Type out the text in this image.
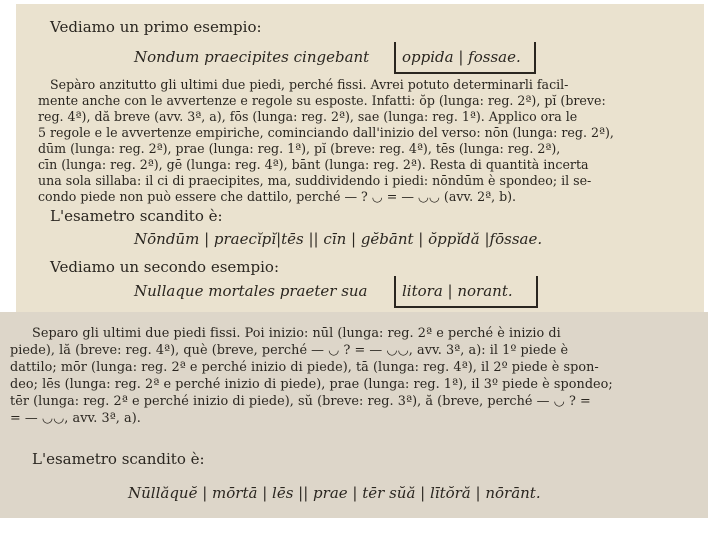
Vediamo un primo esempio:
Nondum praecipites cingebant oppida | fossae.
Sepàro anzitutto gli ultimi due piedi, perché fissi. Avrei potuto determinarli facil-
mente anche con le avvertenze e regole su esposte. Infatti: ŏp (lunga: reg. 2ª), pĭ (breve:
reg. 4ª), dă breve (avv. 3ª, a), fōs (lunga: reg. 2ª), sae (lunga: reg. 1ª). Applico ora le
5 regole e le avvertenze empiriche, cominciando dall'inizio del verso: nōn (lunga: reg. 2ª),
dūm (lunga: reg. 2ª), prae (lunga: reg. 1ª), pĭ (breve: reg. 4ª), tēs (lunga: reg. 2ª),
cīn (lunga: reg. 2ª), gē (lunga: reg. 4ª), bānt (lunga: reg. 2ª). Resta di quantità incerta
una sola sillaba: il ci di praecipites, ma, suddividendo i piedi: nōndūm è spondeo; il se-
condo piede non può essere che dattilo, perché — ? ◡ = — ◡◡ (avv. 2ª, b).
L'esametro scandito è:
Nōndūm | praecĭpĭ|tēs || cīn | gĕbānt | ŏppĭdă |fōssae.
Vediamo un secondo esempio:
Nullaque mortales praeter sua litora | norant.
Separo gli ultimi due piedi fissi. Poi inizio: nūl (lunga: reg. 2ª e perché è inizio di
piede), lă (breve: reg. 4ª), què (breve, perché — ◡ ? = — ◡◡, avv. 3ª, a): il 1º piede è
dattilo; mōr (lunga: reg. 2ª e perché inizio di piede), tā (lunga: reg. 4ª), il 2º piede è spon-
deo; lēs (lunga: reg. 2ª e perché inizio di piede), prae (lunga: reg. 1ª), il 3º piede è spondeo;
tēr (lunga: reg. 2ª e perché inizio di piede), sŭ (breve: reg. 3ª), ă (breve, perché — ◡ ? =
= — ◡◡, avv. 3ª, a).
L'esametro scandito è:
Nūllăquĕ | mōrtā | lēs || prae | tēr sŭă | lītŏră | nōrānt.
